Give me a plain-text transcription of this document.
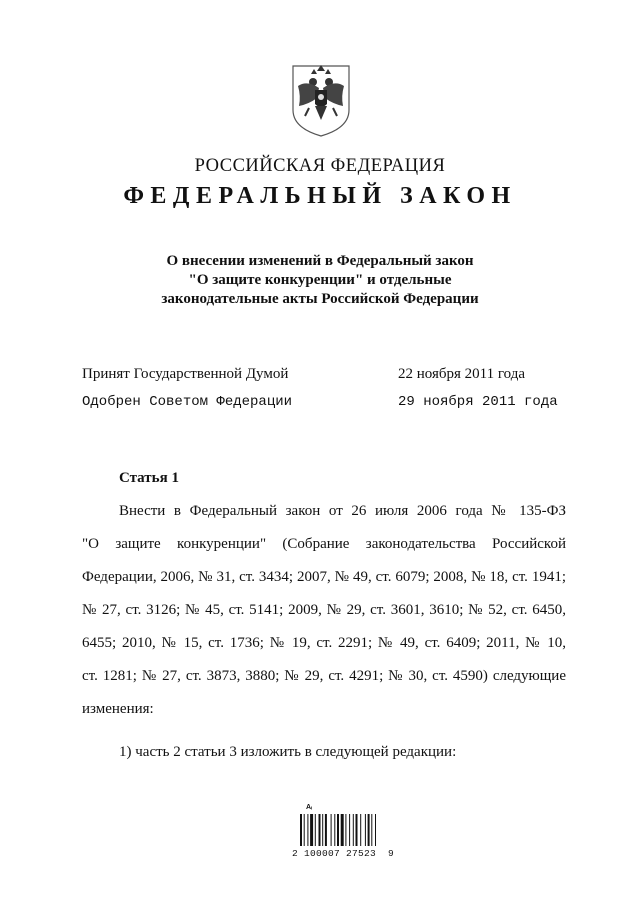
РОССИЙСКАЯ ФЕДЕРАЦИЯ
ФЕДЕРАЛЬНЫЙ ЗАКОН
О внесении изменений в Федеральный закон
"О защите конкуренции" и отдельные
законодательные акты Российской Федерации
Принят Государственной Думой	22 ноября 2011 года
Одобрен Советом Федерации	29 ноября 2011 года
Статья 1
Внести в Федеральный закон от 26 июля 2006 года № 135-ФЗ
"О защите конкуренции" (Собрание законодательства Российской
Федерации, 2006, № 31, ст. 3434; 2007, № 49, ст. 6079; 2008, № 18, ст. 1941;
№ 27, ст. 3126; № 45, ст. 5141; 2009, № 29, ст. 3601, 3610; № 52, ст. 6450,
6455; 2010, № 15, ст. 1736; № 19, ст. 2291; № 49, ст. 6409; 2011, № 10,
ст. 1281; № 27, ст. 3873, 3880; № 29, ст. 4291; № 30, ст. 4590) следующие
изменения:
1) часть 2 статьи 3 изложить в следующей редакции:
Aᵢ
2 100007 27523  9
